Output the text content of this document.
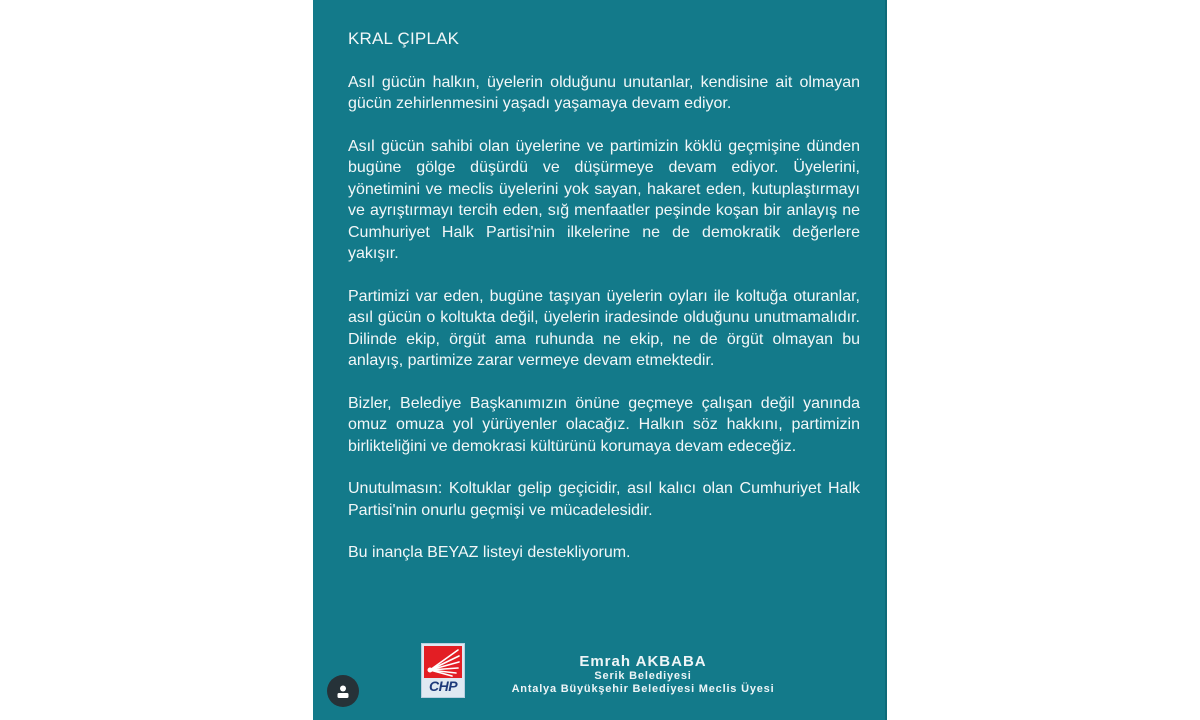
KRAL ÇIPLAK

Asıl gücün halkın, üyelerin olduğunu unutanlar, kendisine ait olmayan gücün zehirlenmesini yaşadı yaşamaya devam ediyor.

Asıl gücün sahibi olan üyelerine ve partimizin köklü geçmişine dünden bugüne gölge düşürdü ve düşürmeye devam ediyor. Üyelerini, yönetimini ve meclis üyelerini yok sayan, hakaret eden, kutuplaştırmayı ve ayrıştırmayı tercih eden, sığ menfaatler peşinde koşan bir anlayış ne Cumhuriyet Halk Partisi'nin ilkelerine ne de demokratik değerlere yakışır.

Partimizi var eden, bugüne taşıyan üyelerin oyları ile koltuğa oturanlar, asıl gücün o koltukta değil, üyelerin iradesinde olduğunu unutmamalıdır. Dilinde ekip, örgüt ama ruhunda ne ekip, ne de örgüt olmayan bu anlayış, partimize zarar vermeye devam etmektedir.

Bizler, Belediye Başkanımızın önüne geçmeye çalışan değil yanında omuz omuza yol yürüyenler olacağız. Halkın söz hakkını, partimizin birlikteliğini ve demokrasi kültürünü korumaya devam edeceğiz.

Unutulmasın: Koltuklar gelip geçicidir, asıl kalıcı olan Cumhuriyet Halk Partisi'nin onurlu geçmişi ve mücadelesidir.

Bu inançla BEYAZ listeyi destekliyorum.

CHP
Emrah AKBABA
Serik Belediyesi
Antalya Büyükşehir Belediyesi Meclis Üyesi
